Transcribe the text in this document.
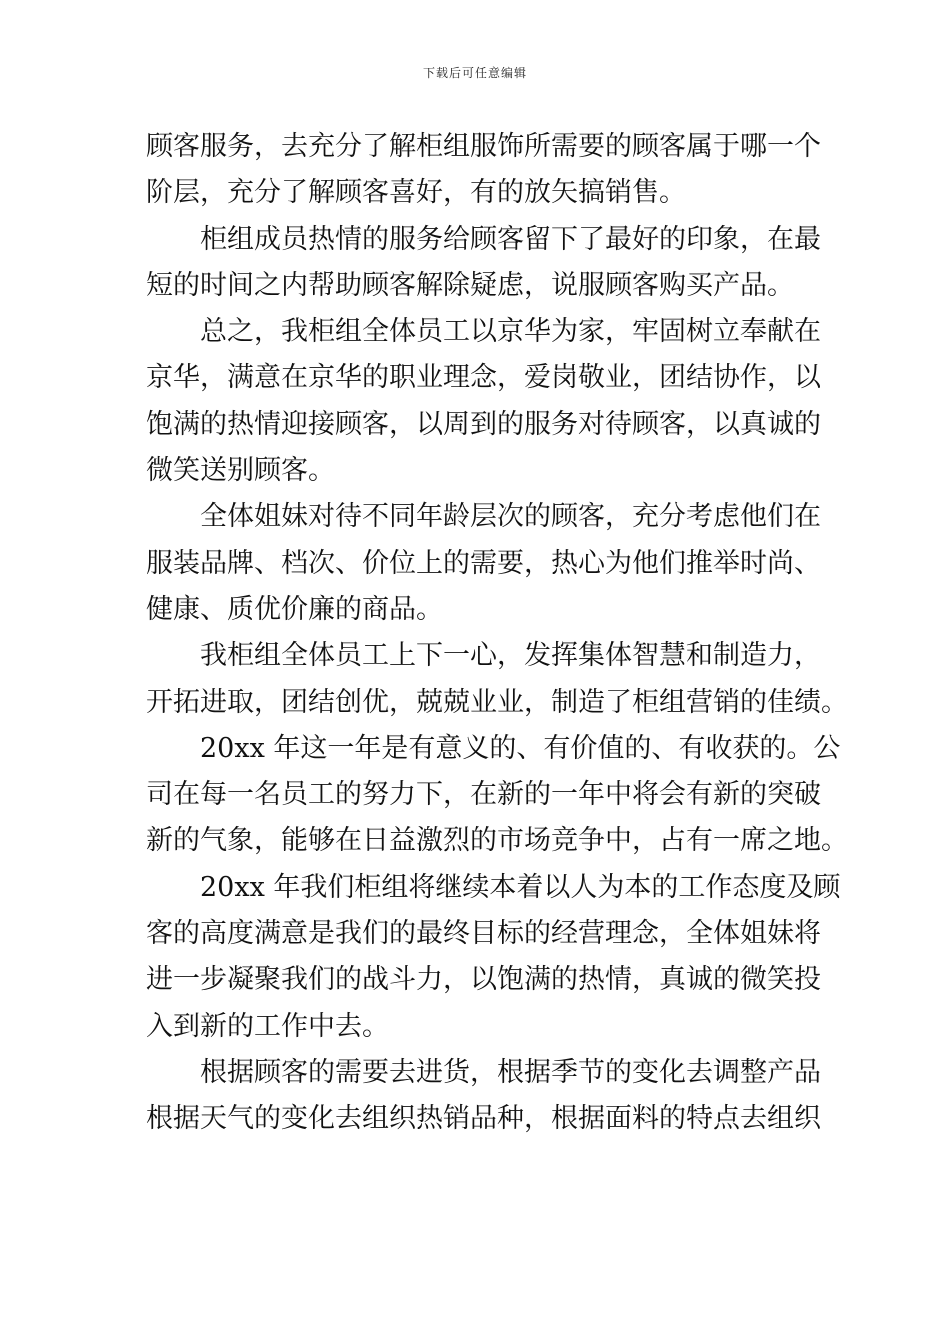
下载后可任意编辑
顾客服务，去充分了解柜组服饰所需要的顾客属于哪一个
阶层，充分了解顾客喜好，有的放矢搞销售。
柜组成员热情的服务给顾客留下了最好的印象，在最
短的时间之内帮助顾客解除疑虑，说服顾客购买产品。
总之，我柜组全体员工以京华为家，牢固树立奉献在
京华，满意在京华的职业理念，爱岗敬业，团结协作，以
饱满的热情迎接顾客，以周到的服务对待顾客，以真诚的
微笑送别顾客。
全体姐妹对待不同年龄层次的顾客，充分考虑他们在
服装品牌、档次、价位上的需要，热心为他们推举时尚、
健康、质优价廉的商品。
我柜组全体员工上下一心，发挥集体智慧和制造力，
开拓进取，团结创优，兢兢业业，制造了柜组营销的佳绩。
20xx 年这一年是有意义的、有价值的、有收获的。公
司在每一名员工的努力下，在新的一年中将会有新的突破
新的气象，能够在日益激烈的市场竞争中，占有一席之地。
20xx 年我们柜组将继续本着以人为本的工作态度及顾
客的高度满意是我们的最终目标的经营理念，全体姐妹将
进一步凝聚我们的战斗力，以饱满的热情，真诚的微笑投
入到新的工作中去。
根据顾客的需要去进货，根据季节的变化去调整产品
根据天气的变化去组织热销品种，根据面料的特点去组织
